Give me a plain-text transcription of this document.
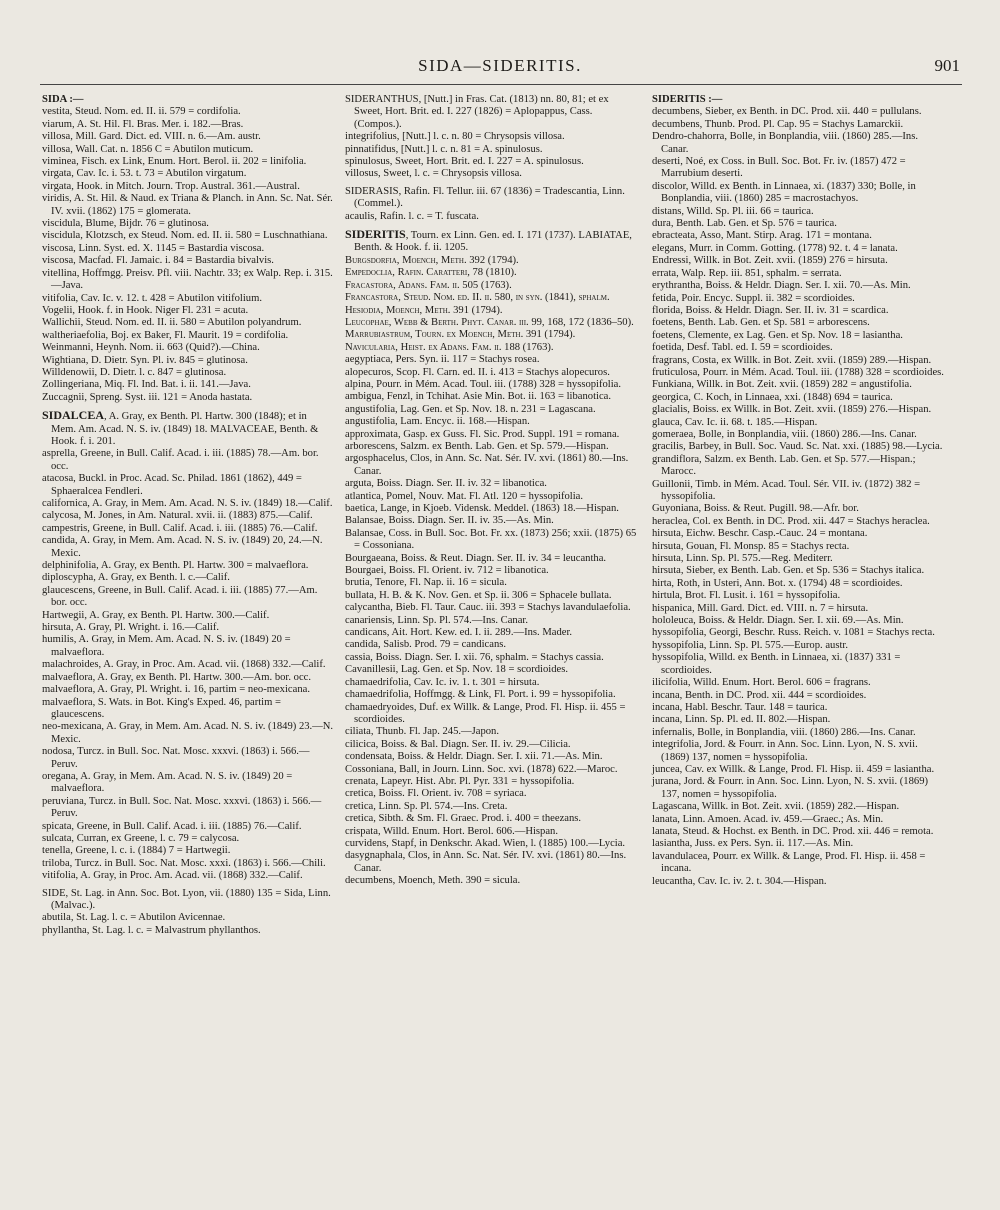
SIDA—SIDERITIS.	901

SIDA :—

vestita, Steud. Nom. ed. II. ii. 579 = cordifolia.

viarum, A. St. Hil. Fl. Bras. Mer. i. 182.—Bras.

villosa, Mill. Gard. Dict. ed. VIII. n. 6.—Am. austr.

villosa, Wall. Cat. n. 1856 C = Abutilon muticum.

viminea, Fisch. ex Link, Enum. Hort. Berol. ii. 202 = linifolia.

virgata, Cav. Ic. i. 53. t. 73 = Abutilon virgatum.

virgata, Hook. in Mitch. Journ. Trop. Austral. 361.—Austral.

viridis, A. St. Hil. & Naud. ex Triana & Planch. in Ann. Sc. Nat. Sér. IV. xvii. (1862) 175 = glomerata.

viscidula, Blume, Bijdr. 76 = glutinosa.

viscidula, Klotzsch, ex Steud. Nom. ed. II. ii. 580 = Luschnathiana.

viscosa, Linn. Syst. ed. X. 1145 = Bastardia viscosa.

viscosa, Macfad. Fl. Jamaic. i. 84 = Bastardia bivalvis.

vitellina, Hoffmgg. Preisv. Pfl. viii. Nachtr. 33; ex Walp. Rep. i. 315.—Java.

vitifolia, Cav. Ic. v. 12. t. 428 = Abutilon vitifolium.

Vogelii, Hook. f. in Hook. Niger Fl. 231 = acuta.

Wallichii, Steud. Nom. ed. II. ii. 580 = Abutilon polyandrum.

waltheriaefolia, Boj. ex Baker, Fl. Maurit. 19 = cordifolia.

Weinmanni, Heynh. Nom. ii. 663 (Quid?).—China.

Wightiana, D. Dietr. Syn. Pl. iv. 845 = glutinosa.

Willdenowii, D. Dietr. l. c. 847 = glutinosa.

Zollingeriana, Miq. Fl. Ind. Bat. i. ii. 141.—Java.

Zuccagnii, Spreng. Syst. iii. 121 = Anoda hastata.

SIDALCEA, A. Gray, ex Benth. Pl. Hartw. 300 (1848); et in Mem. Am. Acad. N. S. iv. (1849) 18. MALVACEAE, Benth. & Hook. f. i. 201.

asprella, Greene, in Bull. Calif. Acad. i. iii. (1885) 78.—Am. bor. occ.

atacosa, Buckl. in Proc. Acad. Sc. Philad. 1861 (1862), 449 = Sphaeralcea Fendleri.

californica, A. Gray, in Mem. Am. Acad. N. S. iv. (1849) 18.—Calif.

calycosa, M. Jones, in Am. Natural. xvii. ii. (1883) 875.—Calif.

campestris, Greene, in Bull. Calif. Acad. i. iii. (1885) 76.—Calif.

candida, A. Gray, in Mem. Am. Acad. N. S. iv. (1849) 20, 24.—N. Mexic.

delphinifolia, A. Gray, ex Benth. Pl. Hartw. 300 = malvaeflora.

diploscypha, A. Gray, ex Benth. l. c.—Calif.

glaucescens, Greene, in Bull. Calif. Acad. i. iii. (1885) 77.—Am. bor. occ.

Hartwegii, A. Gray, ex Benth. Pl. Hartw. 300.—Calif.

hirsuta, A. Gray, Pl. Wright. i. 16.—Calif.

humilis, A. Gray, in Mem. Am. Acad. N. S. iv. (1849) 20 = malvaeflora.

malachroides, A. Gray, in Proc. Am. Acad. vii. (1868) 332.—Calif.

malvaeflora, A. Gray, ex Benth. Pl. Hartw. 300.—Am. bor. occ.

malvaeflora, A. Gray, Pl. Wright. i. 16, partim = neo-mexicana.

malvaeflora, S. Wats. in Bot. King's Exped. 46, partim = glaucescens.

neo-mexicana, A. Gray, in Mem. Am. Acad. N. S. iv. (1849) 23.—N. Mexic.

nodosa, Turcz. in Bull. Soc. Nat. Mosc. xxxvi. (1863) i. 566.—Peruv.

oregana, A. Gray, in Mem. Am. Acad. N. S. iv. (1849) 20 = malvaeflora.

peruviana, Turcz. in Bull. Soc. Nat. Mosc. xxxvi. (1863) i. 566.—Peruv.

spicata, Greene, in Bull. Calif. Acad. i. iii. (1885) 76.—Calif.

sulcata, Curran, ex Greene, l. c. 79 = calycosa.

tenella, Greene, l. c. i. (1884) 7 = Hartwegii.

triloba, Turcz. in Bull. Soc. Nat. Mosc. xxxi. (1863) i. 566.—Chili.

vitifolia, A. Gray, in Proc. Am. Acad. vii. (1868) 332.—Calif.

SIDE, St. Lag. in Ann. Soc. Bot. Lyon, vii. (1880) 135 = Sida, Linn. (Malvac.).

abutila, St. Lag. l. c. = Abutilon Avicennae.

phyllantha, St. Lag. l. c. = Malvastrum phyllanthos.

SIDERANTHUS, [Nutt.] in Fras. Cat. (1813) nn. 80, 81; et ex Sweet, Hort. Brit. ed. I. 227 (1826) = Aplopappus, Cass. (Compos.).

integrifolius, [Nutt.] l. c. n. 80 = Chrysopsis villosa.

pinnatifidus, [Nutt.] l. c. n. 81 = A. spinulosus.

spinulosus, Sweet, Hort. Brit. ed. I. 227 = A. spinulosus.

villosus, Sweet, l. c. = Chrysopsis villosa.

SIDERASIS, Rafin. Fl. Tellur. iii. 67 (1836) = Tradescantia, Linn. (Commel.).

acaulis, Rafin. l. c. = T. fuscata.

SIDERITIS, Tourn. ex Linn. Gen. ed. I. 171 (1737). LABIATAE, Benth. & Hook. f. ii. 1205.

Burgsdorfia, Moench, Meth. 392 (1794).

Empedoclia, Rafin. Caratteri, 78 (1810).

Fracastora, Adans. Fam. ii. 505 (1763).

Francastora, Steud. Nom. ed. II. ii. 580, in syn. (1841), sphalm.

Hesiodia, Moench, Meth. 391 (1794).

Leucophae, Webb & Berth. Phyt. Canar. iii. 99, 168, 172 (1836–50).

Marrubiastrum, Tourn. ex Moench, Meth. 391 (1794).

Navicularia, Heist. ex Adans. Fam. ii. 188 (1763).

aegyptiaca, Pers. Syn. ii. 117 = Stachys rosea.

alopecuros, Scop. Fl. Carn. ed. II. i. 413 = Stachys alopecuros.

alpina, Pourr. in Mém. Acad. Toul. iii. (1788) 328 = hyssopifolia.

ambigua, Fenzl, in Tchihat. Asie Min. Bot. ii. 163 = libanotica.

angustifolia, Lag. Gen. et Sp. Nov. 18. n. 231 = Lagascana.

angustifolia, Lam. Encyc. ii. 168.—Hispan.

approximata, Gasp. ex Guss. Fl. Sic. Prod. Suppl. 191 = romana.

arborescens, Salzm. ex Benth. Lab. Gen. et Sp. 579.—Hispan.

argosphacelus, Clos, in Ann. Sc. Nat. Sér. IV. xvi. (1861) 80.—Ins. Canar.

arguta, Boiss. Diagn. Ser. II. iv. 32 = libanotica.

atlantica, Pomel, Nouv. Mat. Fl. Atl. 120 = hyssopifolia.

baetica, Lange, in Kjoeb. Vidensk. Meddel. (1863) 18.—Hispan.

Balansae, Boiss. Diagn. Ser. II. iv. 35.—As. Min.

Balansae, Coss. in Bull. Soc. Bot. Fr. xx. (1873) 256; xxii. (1875) 65 = Cossoniana.

Bourgaeana, Boiss. & Reut. Diagn. Ser. II. iv. 34 = leucantha.

Bourgaei, Boiss. Fl. Orient. iv. 712 = libanotica.

brutia, Tenore, Fl. Nap. ii. 16 = sicula.

bullata, H. B. & K. Nov. Gen. et Sp. ii. 306 = Sphacele bullata.

calycantha, Bieb. Fl. Taur. Cauc. iii. 393 = Stachys lavandulaefolia.

canariensis, Linn. Sp. Pl. 574.—Ins. Canar.

candicans, Ait. Hort. Kew. ed. I. ii. 289.—Ins. Mader.

candida, Salisb. Prod. 79 = candicans.

cassia, Boiss. Diagn. Ser. I. xii. 76, sphalm. = Stachys cassia.

Cavanillesii, Lag. Gen. et Sp. Nov. 18 = scordioides.

chamaedrifolia, Cav. Ic. iv. 1. t. 301 = hirsuta.

chamaedrifolia, Hoffmgg. & Link, Fl. Port. i. 99 = hyssopifolia.

chamaedryoides, Duf. ex Willk. & Lange, Prod. Fl. Hisp. ii. 455 = scordioides.

ciliata, Thunb. Fl. Jap. 245.—Japon.

cilicica, Boiss. & Bal. Diagn. Ser. II. iv. 29.—Cilicia.

condensata, Boiss. & Heldr. Diagn. Ser. I. xii. 71.—As. Min.

Cossoniana, Ball, in Journ. Linn. Soc. xvi. (1878) 622.—Maroc.

crenata, Lapeyr. Hist. Abr. Pl. Pyr. 331 = hyssopifolia.

cretica, Boiss. Fl. Orient. iv. 708 = syriaca.

cretica, Linn. Sp. Pl. 574.—Ins. Creta.

cretica, Sibth. & Sm. Fl. Graec. Prod. i. 400 = theezans.

crispata, Willd. Enum. Hort. Berol. 606.—Hispan.

curvidens, Stapf, in Denkschr. Akad. Wien, l. (1885) 100.—Lycia.

dasygnaphala, Clos, in Ann. Sc. Nat. Sér. IV. xvi. (1861) 80.—Ins. Canar.

decumbens, Moench, Meth. 390 = sicula.

SIDERITIS :—

decumbens, Sieber, ex Benth. in DC. Prod. xii. 440 = pullulans.

decumbens, Thunb. Prod. Pl. Cap. 95 = Stachys Lamarckii.

Dendro-chahorra, Bolle, in Bonplandia, viii. (1860) 285.—Ins. Canar.

deserti, Noé, ex Coss. in Bull. Soc. Bot. Fr. iv. (1857) 472 = Marrubium deserti.

discolor, Willd. ex Benth. in Linnaea, xi. (1837) 330; Bolle, in Bonplandia, viii. (1860) 285 = macrostachyos.

distans, Willd. Sp. Pl. iii. 66 = taurica.

dura, Benth. Lab. Gen. et Sp. 576 = taurica.

ebracteata, Asso, Mant. Stirp. Arag. 171 = montana.

elegans, Murr. in Comm. Gotting. (1778) 92. t. 4 = lanata.

Endressi, Willk. in Bot. Zeit. xvii. (1859) 276 = hirsuta.

errata, Walp. Rep. iii. 851, sphalm. = serrata.

erythrantha, Boiss. & Heldr. Diagn. Ser. I. xii. 70.—As. Min.

fetida, Poir. Encyc. Suppl. ii. 382 = scordioides.

florida, Boiss. & Heldr. Diagn. Ser. II. iv. 31 = scardica.

foetens, Benth. Lab. Gen. et Sp. 581 = arborescens.

foetens, Clemente, ex Lag. Gen. et Sp. Nov. 18 = lasiantha.

foetida, Desf. Tabl. ed. I. 59 = scordioides.

fragrans, Costa, ex Willk. in Bot. Zeit. xvii. (1859) 289.—Hispan.

fruticulosa, Pourr. in Mém. Acad. Toul. iii. (1788) 328 = scordioides.

Funkiana, Willk. in Bot. Zeit. xvii. (1859) 282 = angustifolia.

georgica, C. Koch, in Linnaea, xxi. (1848) 694 = taurica.

glacialis, Boiss. ex Willk. in Bot. Zeit. xvii. (1859) 276.—Hispan.

glauca, Cav. Ic. ii. 68. t. 185.—Hispan.

gomeraea, Bolle, in Bonplandia, viii. (1860) 286.—Ins. Canar.

gracilis, Barbey, in Bull. Soc. Vaud. Sc. Nat. xxi. (1885) 98.—Lycia.

grandiflora, Salzm. ex Benth. Lab. Gen. et Sp. 577.—Hispan.; Marocc.

Guillonii, Timb. in Mém. Acad. Toul. Sér. VII. iv. (1872) 382 = hyssopifolia.

Guyoniana, Boiss. & Reut. Pugill. 98.—Afr. bor.

heraclea, Col. ex Benth. in DC. Prod. xii. 447 = Stachys heraclea.

hirsuta, Eichw. Beschr. Casp.-Cauc. 24 = montana.

hirsuta, Gouan, Fl. Monsp. 85 = Stachys recta.

hirsuta, Linn. Sp. Pl. 575.—Reg. Mediterr.

hirsuta, Sieber, ex Benth. Lab. Gen. et Sp. 536 = Stachys italica.

hirta, Roth, in Usteri, Ann. Bot. x. (1794) 48 = scordioides.

hirtula, Brot. Fl. Lusit. i. 161 = hyssopifolia.

hispanica, Mill. Gard. Dict. ed. VIII. n. 7 = hirsuta.

hololeuca, Boiss. & Heldr. Diagn. Ser. I. xii. 69.—As. Min.

hyssopifolia, Georgi, Beschr. Russ. Reich. v. 1081 = Stachys recta.

hyssopifolia, Linn. Sp. Pl. 575.—Europ. austr.

hyssopifolia, Willd. ex Benth. in Linnaea, xi. (1837) 331 = scordioides.

ilicifolia, Willd. Enum. Hort. Berol. 606 = fragrans.

incana, Benth. in DC. Prod. xii. 444 = scordioides.

incana, Habl. Beschr. Taur. 148 = taurica.

incana, Linn. Sp. Pl. ed. II. 802.—Hispan.

infernalis, Bolle, in Bonplandia, viii. (1860) 286.—Ins. Canar.

integrifolia, Jord. & Fourr. in Ann. Soc. Linn. Lyon, N. S. xvii. (1869) 137, nomen = hyssopifolia.

juncea, Cav. ex Willk. & Lange, Prod. Fl. Hisp. ii. 459 = lasiantha.

jurana, Jord. & Fourr. in Ann. Soc. Linn. Lyon, N. S. xvii. (1869) 137, nomen = hyssopifolia.

Lagascana, Willk. in Bot. Zeit. xvii. (1859) 282.—Hispan.

lanata, Linn. Amoen. Acad. iv. 459.—Graec.; As. Min.

lanata, Steud. & Hochst. ex Benth. in DC. Prod. xii. 446 = remota.

lasiantha, Juss. ex Pers. Syn. ii. 117.—As. Min.

lavandulacea, Pourr. ex Willk. & Lange, Prod. Fl. Hisp. ii. 458 = incana.

leucantha, Cav. Ic. iv. 2. t. 304.—Hispan.
